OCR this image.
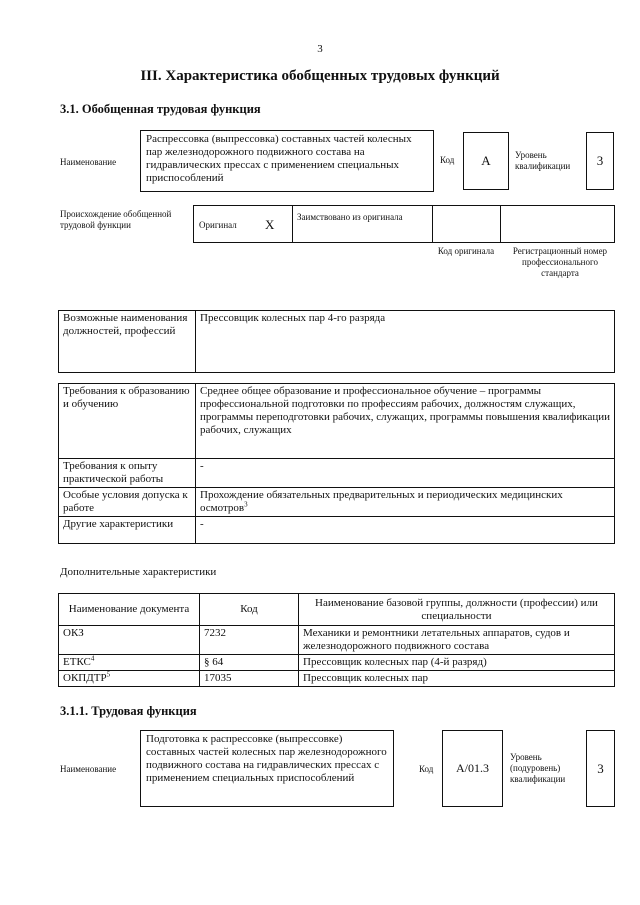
3
III. Характеристика обобщенных трудовых функций
3.1. Обобщенная трудовая функция
Наименование
Распрессовка (выпрессовка) составных частей колесных пар железнодорожного подвижного состава на гидравлических прессах с применением специальных приспособлений
Код А	Уровень квалификации	3
Происхождение обобщенной трудовой функции	Оригинал Х	Заимствовано из оригинала
Код оригинала	Регистрационный номер профессионального стандарта
Возможные наименования должностей, профессий	Прессовщик колесных пар 4-го разряда
Требования к образованию и обучению	Среднее общее образование и профессиональное обучение – программы профессиональной подготовки по профессиям рабочих, должностям служащих, программы переподготовки рабочих, служащих, программы повышения квалификации рабочих, служащих
Требования к опыту практической работы	-
Особые условия допуска к работе	Прохождение обязательных предварительных и периодических медицинских осмотров$^3$
Другие характеристики	-
Дополнительные характеристики
Наименование документа	Код	Наименование базовой группы, должности (профессии) или специальности
ОКЗ	7232	Механики и ремонтники летательных аппаратов, судов и железнодорожного подвижного состава
ЕТКС$^4$	§ 64	Прессовщик колесных пар (4-й разряд)
ОКПДТР$^5$	17035	Прессовщик колесных пар
3.1.1. Трудовая функция
Наименование
Подготовка к распрессовке (выпрессовке) составных частей колесных пар железнодорожного подвижного состава на гидравлических прессах с применением специальных приспособлений
Код А/01.3
Уровень (подуровень) квалификации
3
